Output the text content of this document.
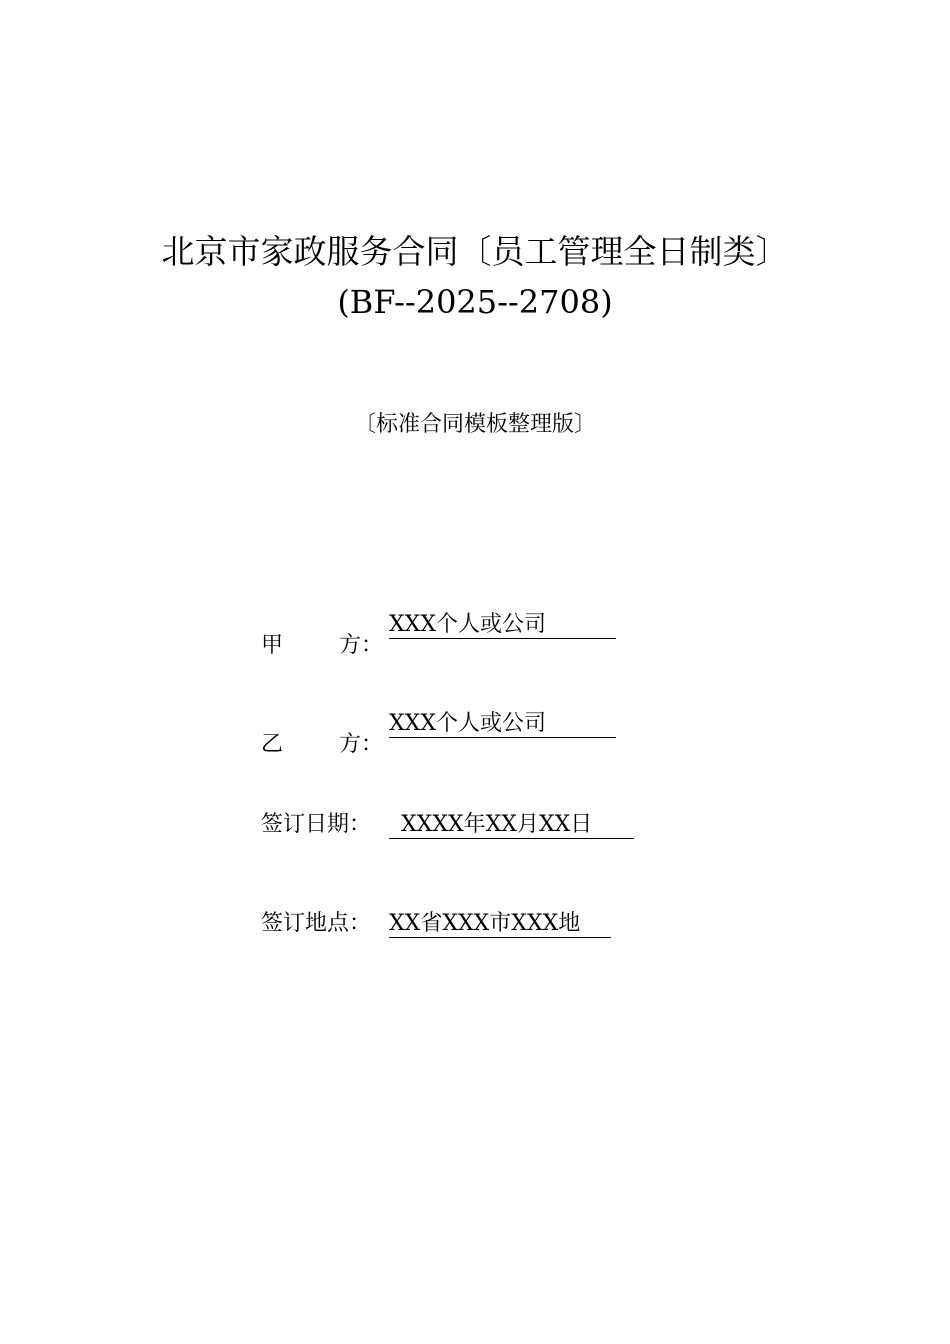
北京市家政服务合同〔员工管理全日制类〕
(BF--2025--2708)
〔标准合同模板整理版〕
甲	方：
XXX个人或公司
乙	方：
XXX个人或公司
签订日期： XXXX年XX月XX日
签订地点： XX省XXX市XXX地
